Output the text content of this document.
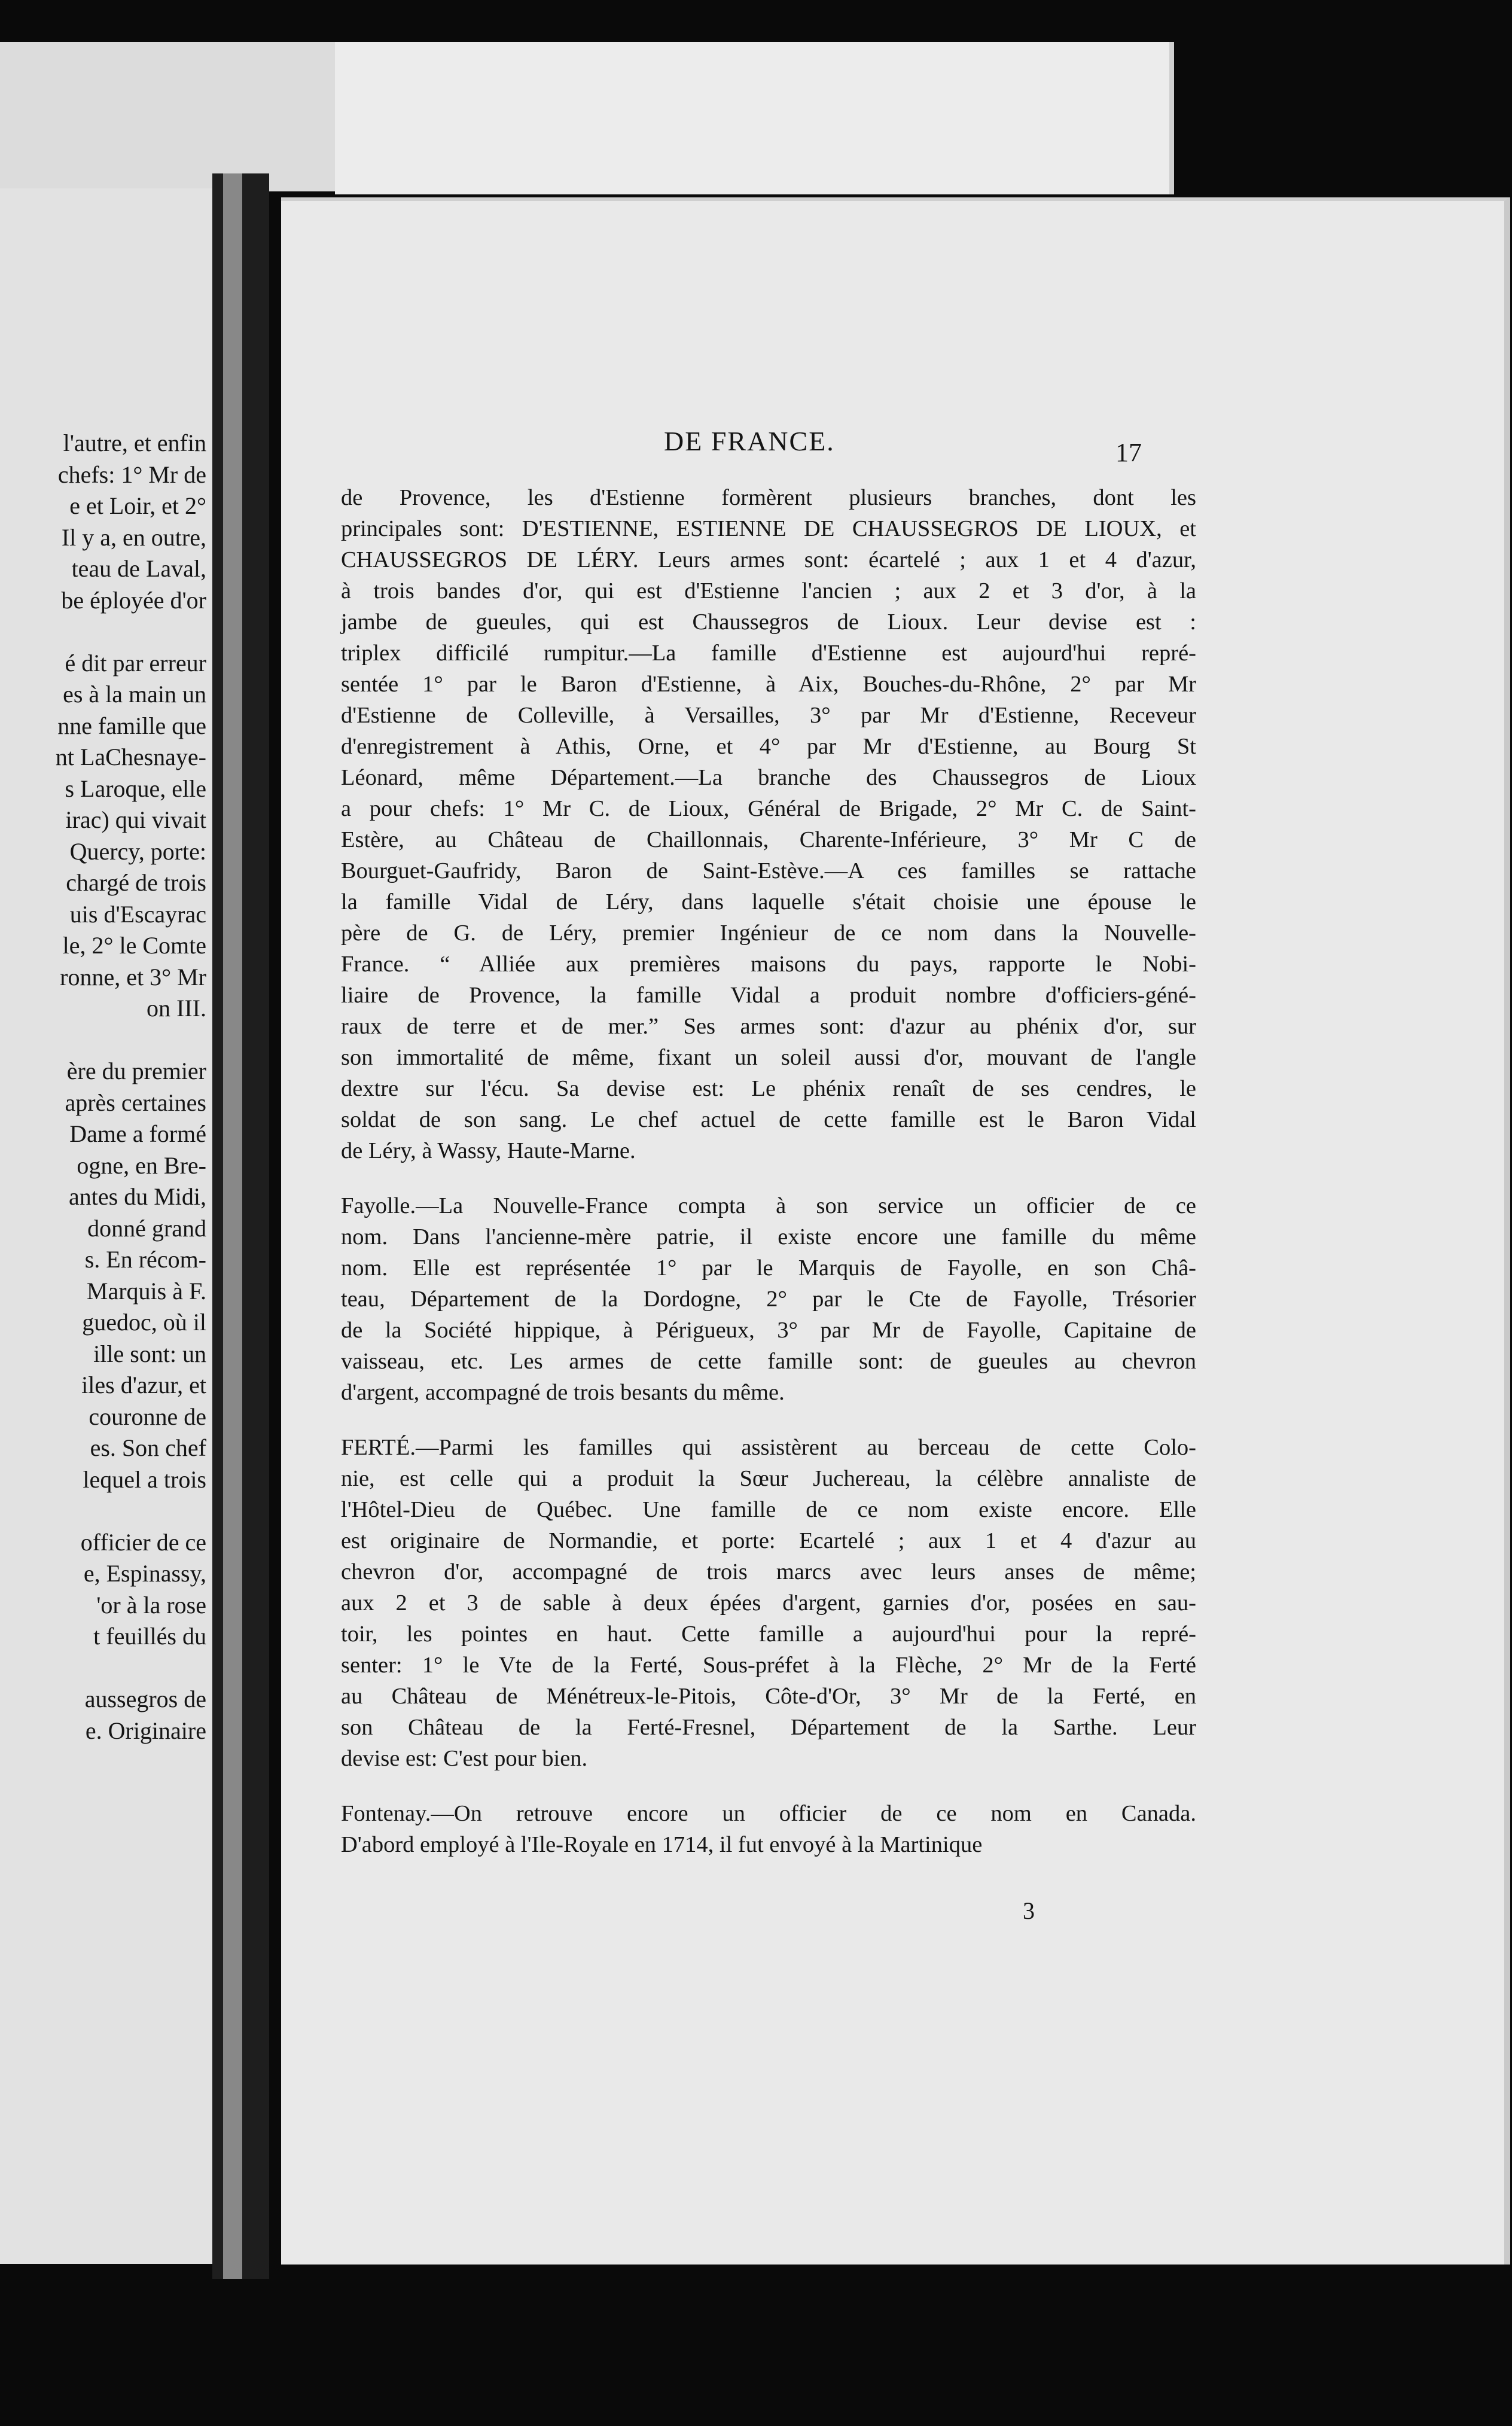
l'autre, et enfin
chefs: 1° Mr de
e et Loir, et 2°
Il y a, en outre,
teau de Laval,
be éployée d'or
é dit par erreur
es à la main un
nne famille que
nt LaChesnaye-
s Laroque, elle
irac) qui vivait
Quercy, porte:
chargé de trois
uis d'Escayrac
le, 2° le Comte
ronne, et 3° Mr
on III.
ère du premier
après certaines
Dame a formé
ogne, en Bre-
antes du Midi,
donné grand
s. En récom-
Marquis à F.
guedoc, où il
ille sont: un
iles d'azur, et
couronne de
es. Son chef
lequel a trois
officier de ce
e, Espinassy,
'or à la rose
t feuillés du
aussegros de
e. Originaire
DE FRANCE.	17
de Provence, les d'Estienne formèrent plusieurs branches, dont les
principales sont: D'ESTIENNE, ESTIENNE DE CHAUSSEGROS DE LIOUX, et
CHAUSSEGROS DE LÉRY. Leurs armes sont: écartelé ; aux 1 et 4 d'azur,
à trois bandes d'or, qui est d'Estienne l'ancien ; aux 2 et 3 d'or, à la
jambe de gueules, qui est Chaussegros de Lioux. Leur devise est :
triplex difficilé rumpitur.—La famille d'Estienne est aujourd'hui repré-
sentée 1° par le Baron d'Estienne, à Aix, Bouches-du-Rhône, 2° par Mr
d'Estienne de Colleville, à Versailles, 3° par Mr d'Estienne, Receveur
d'enregistrement à Athis, Orne, et 4° par Mr d'Estienne, au Bourg St
Léonard, même Département.—La branche des Chaussegros de Lioux
a pour chefs: 1° Mr C. de Lioux, Général de Brigade, 2° Mr C. de Saint-
Estère, au Château de Chaillonnais, Charente-Inférieure, 3° Mr C de
Bourguet-Gaufridy, Baron de Saint-Estève.—A ces familles se rattache
la famille Vidal de Léry, dans laquelle s'était choisie une épouse le
père de G. de Léry, premier Ingénieur de ce nom dans la Nouvelle-
France. “ Alliée aux premières maisons du pays, rapporte le Nobi-
liaire de Provence, la famille Vidal a produit nombre d'officiers-géné-
raux de terre et de mer.” Ses armes sont: d'azur au phénix d'or, sur
son immortalité de même, fixant un soleil aussi d'or, mouvant de l'angle
dextre sur l'écu. Sa devise est: Le phénix renaît de ses cendres, le
soldat de son sang. Le chef actuel de cette famille est le Baron Vidal
de Léry, à Wassy, Haute-Marne.
Fayolle.—La Nouvelle-France compta à son service un officier de ce
nom. Dans l'ancienne-mère patrie, il existe encore une famille du même
nom. Elle est représentée 1° par le Marquis de Fayolle, en son Châ-
teau, Département de la Dordogne, 2° par le Cte de Fayolle, Trésorier
de la Société hippique, à Périgueux, 3° par Mr de Fayolle, Capitaine de
vaisseau, etc. Les armes de cette famille sont: de gueules au chevron
d'argent, accompagné de trois besants du même.
FERTÉ.—Parmi les familles qui assistèrent au berceau de cette Colo-
nie, est celle qui a produit la Sœur Juchereau, la célèbre annaliste de
l'Hôtel-Dieu de Québec. Une famille de ce nom existe encore. Elle
est originaire de Normandie, et porte: Ecartelé ; aux 1 et 4 d'azur au
chevron d'or, accompagné de trois marcs avec leurs anses de même;
aux 2 et 3 de sable à deux épées d'argent, garnies d'or, posées en sau-
toir, les pointes en haut. Cette famille a aujourd'hui pour la repré-
senter: 1° le Vte de la Ferté, Sous-préfet à la Flèche, 2° Mr de la Ferté
au Château de Ménétreux-le-Pitois, Côte-d'Or, 3° Mr de la Ferté, en
son Château de la Ferté-Fresnel, Département de la Sarthe. Leur
devise est: C'est pour bien.
Fontenay.—On retrouve encore un officier de ce nom en Canada.
D'abord employé à l'Ile-Royale en 1714, il fut envoyé à la Martinique
3
